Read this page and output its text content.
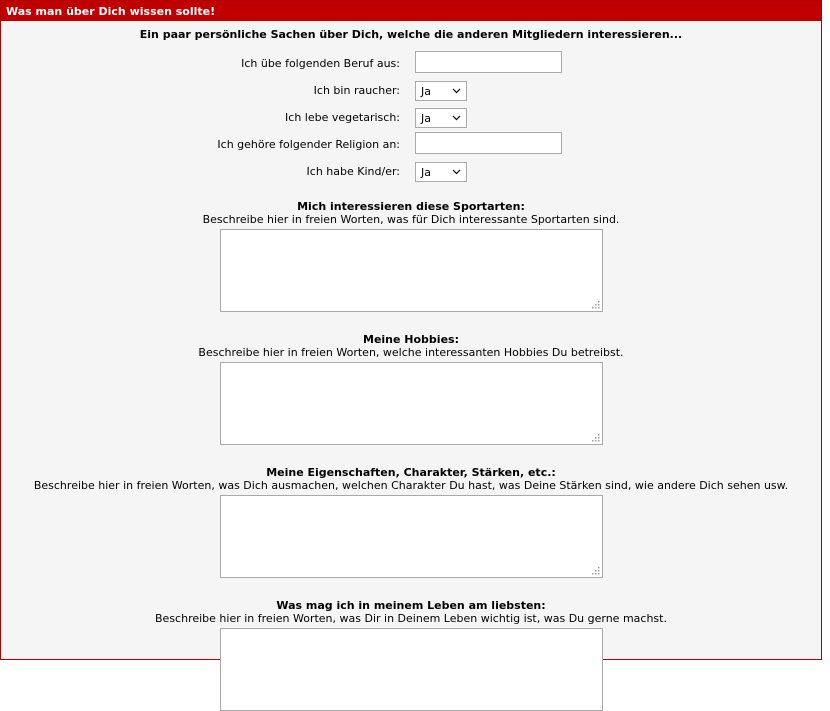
Was man über Dich wissen sollte!
Ein paar persönliche Sachen über Dich, welche die anderen Mitgliedern interessieren...
Ich übe folgenden Beruf aus:
Ich bin raucher: Ja
Ich lebe vegetarisch: Ja
Ich gehöre folgender Religion an:
Ich habe Kind/er: Ja
Mich interessieren diese Sportarten:
Beschreibe hier in freien Worten, was für Dich interessante Sportarten sind.
Meine Hobbies:
Beschreibe hier in freien Worten, welche interessanten Hobbies Du betreibst.
Meine Eigenschaften, Charakter, Stärken, etc.:
Beschreibe hier in freien Worten, was Dich ausmachen, welchen Charakter Du hast, was Deine Stärken sind, wie andere Dich sehen usw.
Was mag ich in meinem Leben am liebsten:
Beschreibe hier in freien Worten, was Dir in Deinem Leben wichtig ist, was Du gerne machst.
